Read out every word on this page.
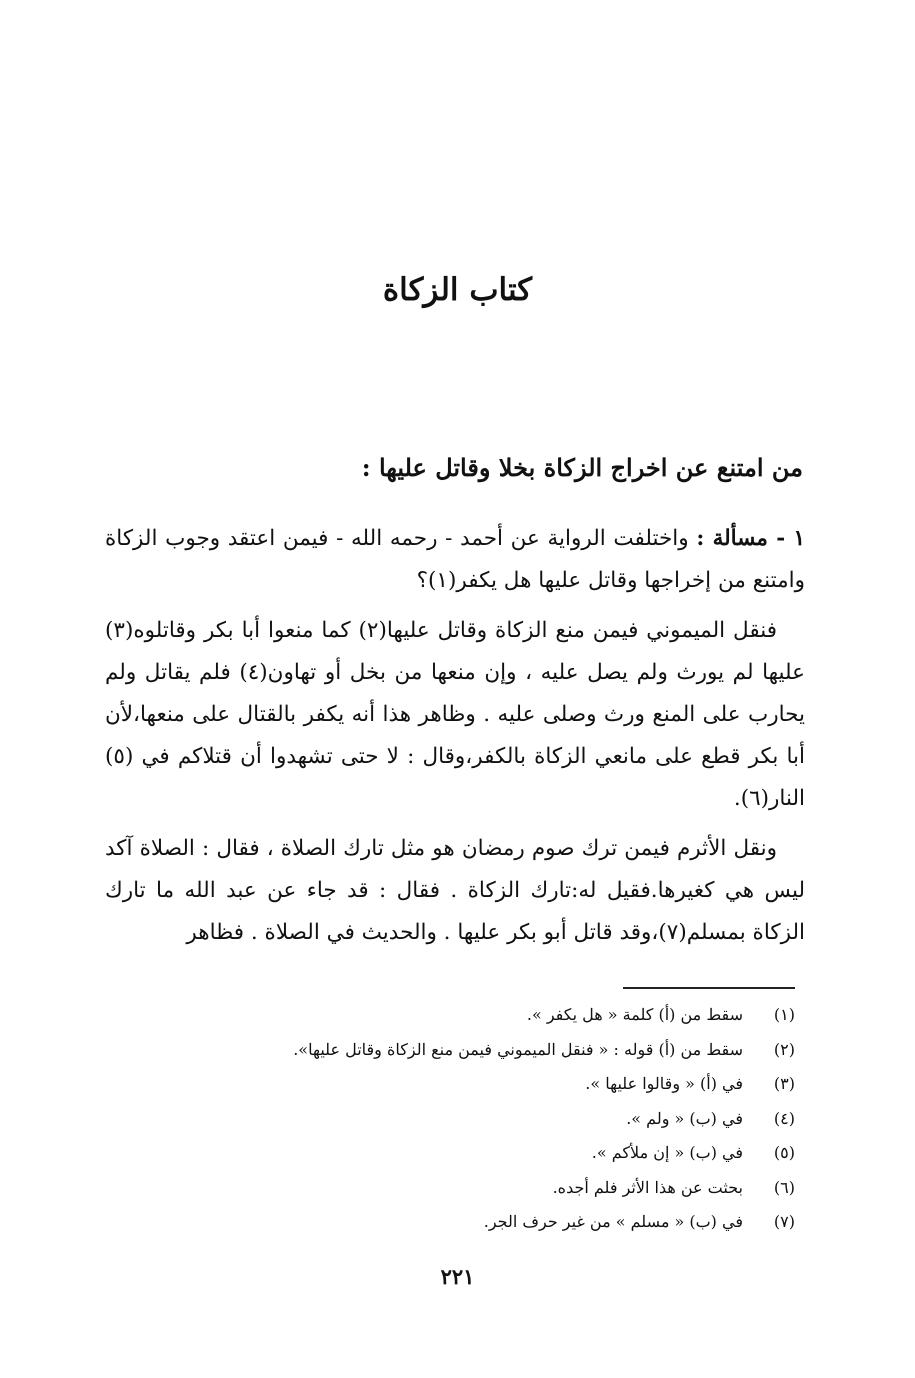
كتاب الزكاة
من امتنع عن اخراج الزكاة بخلا وقاتل عليها :

١ - مسألة : واختلفت الرواية عن أحمد - رحمه الله - فيمن اعتقد وجوب الزكاة وامتنع من إخراجها وقاتل عليها هل يكفر(١)؟

فنقل الميموني فيمن منع الزكاة وقاتل عليها(٢) كما منعوا أبا بكر وقاتلوه(٣) عليها لم يورث ولم يصل عليه ، وإن منعها من بخل أو تهاون(٤) فلم يقاتل ولم يحارب على المنع ورث وصلى عليه . وظاهر هذا أنه يكفر بالقتال على منعها،لأن أبا بكر قطع على مانعي الزكاة بالكفر،وقال : لا حتى تشهدوا أن قتلاكم في (٥) النار(٦).

ونقل الأثرم فيمن ترك صوم رمضان هو مثل تارك الصلاة ، فقال : الصلاة آكد ليس هي كغيرها.فقيل له:تارك الزكاة . فقال : قد جاء عن عبد الله ما تارك الزكاة بمسلم(٧)،وقد قاتل أبو بكر عليها . والحديث في الصلاة . فظاهر

(١)
سقط من (أ) كلمة « هل يكفر ».
(٢)
سقط من (أ) قوله : « فنقل الميموني فيمن منع الزكاة وقاتل عليها».
(٣)
في (أ) « وقالوا عليها ».
(٤)
في (ب) « ولم ».
(٥)
في (ب) « إن ملأكم ».
(٦)
بحثت عن هذا الأثر فلم أجده.
(٧)
في (ب) « مسلم » من غير حرف الجر.
٢٢١
